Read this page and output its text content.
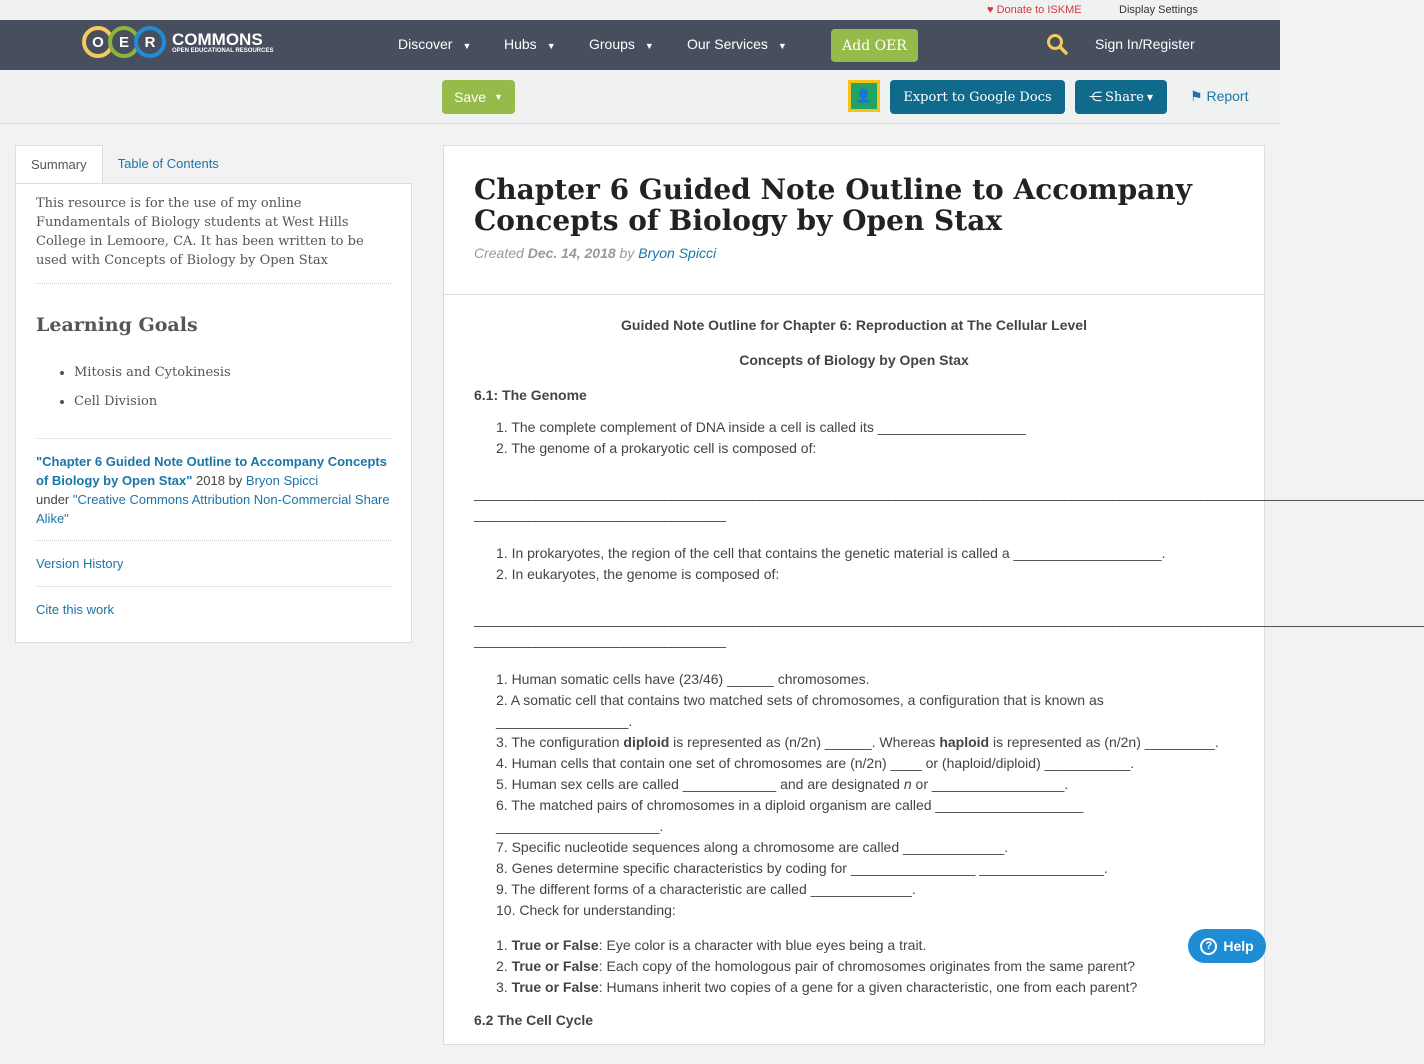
♥ Donate to ISKME	Display Settings
O	E	R COMMONS
OPEN EDUCATIONAL RESOURCES	Discover ▼ Hubs ▼ Groups ▼ Our Services ▼	Add OER	Sign In/Register
Save ▼	👤	Export to Google Docs	⋲ Share ▼	⚑ Report
Summary	Table of Contents

This resource is for the use of my online Fundamentals of Biology students at West Hills College in Lemoore, CA. It has been written to be used with Concepts of Biology by Open Stax

Learning Goals
• Mitosis and Cytokinesis
• Cell Division
"Chapter 6 Guided Note Outline to Accompany Concepts of Biology by Open Stax" 2018 by Bryon Spicci
under "Creative Commons Attribution Non-Commercial Share Alike"
Version History
Cite this work
Chapter 6 Guided Note Outline to Accompany Concepts of Biology by Open Stax
Created Dec. 14, 2018 by Bryon Spicci
Guided Note Outline for Chapter 6: Reproduction at The Cellular Level
Concepts of Biology by Open Stax
6.1: The Genome
1. The complete complement of DNA inside a cell is called its ___________________
2. The genome of a prokaryotic cell is composed of:
____________________________________________________________________________________________________________________________________________
_____________________________________
1. In prokaryotes, the region of the cell that contains the genetic material is called a ___________________.
2. In eukaryotes, the genome is composed of:
____________________________________________________________________________________________________________________________________________
_____________________________________
1. Human somatic cells have (23/46) ______ chromosomes.
2. A somatic cell that contains two matched sets of chromosomes, a configuration that is known as
_________________.
3. The configuration diploid is represented as (n/2n) ______. Whereas haploid is represented as (n/2n) _________.
4. Human cells that contain one set of chromosomes are (n/2n) ____ or (haploid/diploid) ___________.
5. Human sex cells are called ____________ and are designated n or _________________.
6. The matched pairs of chromosomes in a diploid organism are called ___________________
_____________________.
7. Specific nucleotide sequences along a chromosome are called _____________.
8. Genes determine specific characteristics by coding for ________________ ________________.
9. The different forms of a characteristic are called _____________.
10. Check for understanding:
1. True or False: Eye color is a character with blue eyes being a trait.
2. True or False: Each copy of the homologous pair of chromosomes originates from the same parent?
3. True or False: Humans inherit two copies of a gene for a given characteristic, one from each parent?
6.2 The Cell Cycle
? Help
